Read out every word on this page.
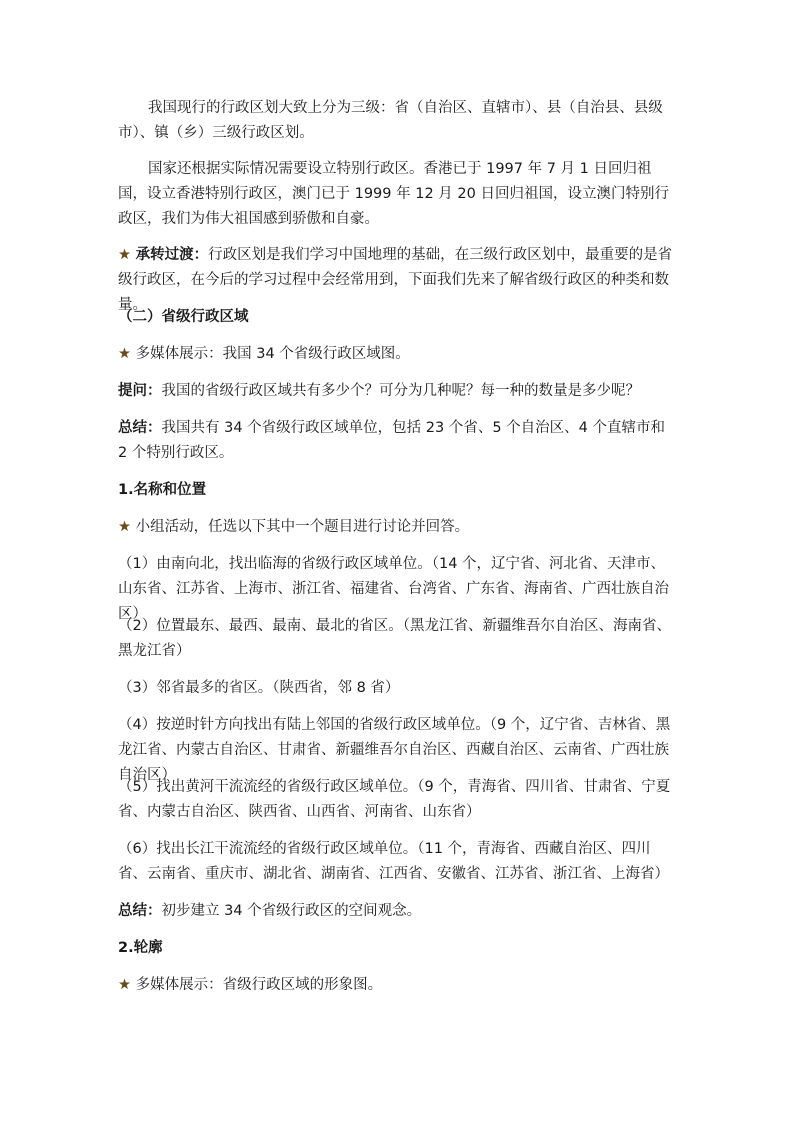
我国现行的行政区划大致上分为三级：省（自治区、直辖市）、县（自治县、县级市）、镇（乡）三级行政区划。

国家还根据实际情况需要设立特别行政区。香港已于 1997 年 7 月 1 日回归祖国，设立香港特别行政区，澳门已于 1999 年 12 月 20 日回归祖国，设立澳门特别行政区，我们为伟大祖国感到骄傲和自豪。

★ 承转过渡：行政区划是我们学习中国地理的基础，在三级行政区划中，最重要的是省级行政区，在今后的学习过程中会经常用到，下面我们先来了解省级行政区的种类和数量。

（二）省级行政区域

★ 多媒体展示：我国 34 个省级行政区域图。

提问：我国的省级行政区域共有多少个？可分为几种呢？每一种的数量是多少呢？

总结：我国共有 34 个省级行政区域单位，包括 23 个省、5 个自治区、4 个直辖市和 2 个特别行政区。

1.名称和位置

★ 小组活动，任选以下其中一个题目进行讨论并回答。

（1）由南向北，找出临海的省级行政区域单位。（14 个，辽宁省、河北省、天津市、山东省、江苏省、上海市、浙江省、福建省、台湾省、广东省、海南省、广西壮族自治区）

（2）位置最东、最西、最南、最北的省区。（黑龙江省、新疆维吾尔自治区、海南省、黑龙江省）

（3）邻省最多的省区。（陕西省，邻 8 省）

（4）按逆时针方向找出有陆上邻国的省级行政区域单位。（9 个，辽宁省、吉林省、黑龙江省、内蒙古自治区、甘肃省、新疆维吾尔自治区、西藏自治区、云南省、广西壮族自治区）

（5）找出黄河干流流经的省级行政区域单位。（9 个，青海省、四川省、甘肃省、宁夏省、内蒙古自治区、陕西省、山西省、河南省、山东省）

（6）找出长江干流流经的省级行政区域单位。（11 个，青海省、西藏自治区、四川省、云南省、重庆市、湖北省、湖南省、江西省、安徽省、江苏省、浙江省、上海省）

总结：初步建立 34 个省级行政区的空间观念。

2.轮廓

★ 多媒体展示：省级行政区域的形象图。
